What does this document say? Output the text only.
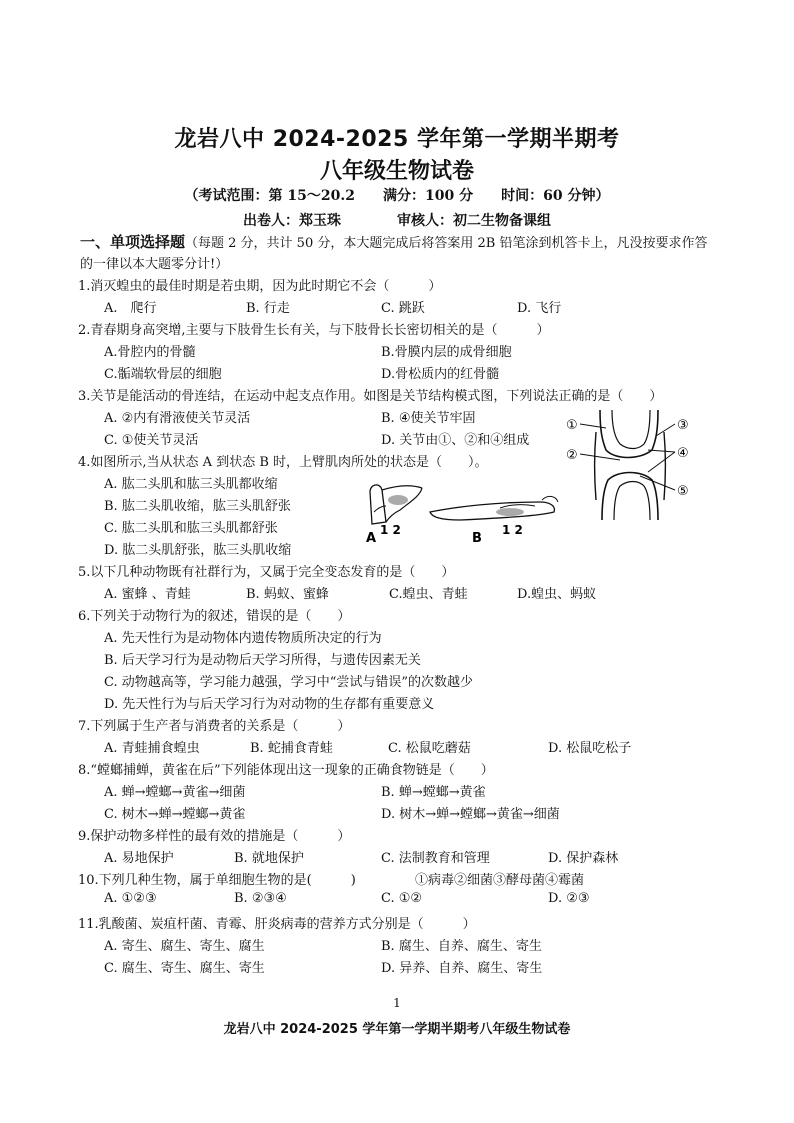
龙岩八中 2024-2025 学年第一学期半期考
八年级生物试卷
（考试范围：第 15～20.2　　满分：100 分　　时间：60 分钟）
出卷人：郑玉珠	审核人：初二生物备课组
一、单项选择题（每题 2 分，共计 50 分，本大题完成后将答案用 2B 铅笔涂到机答卡上，凡没按要求作答的一律以本大题零分计!）
1.消灭蝗虫的最佳时期是若虫期，因为此时期它不会（　　　）
A.　爬行	B. 行走	C. 跳跃	D. 飞行
2.青春期身高突增,主要与下肢骨生长有关，与下肢骨长长密切相关的是（　　　）
A.骨腔内的骨髓	B.骨膜内层的成骨细胞
C.骺端软骨层的细胞	D.骨松质内的红骨髓
3.关节是能活动的骨连结，在运动中起支点作用。如图是关节结构模式图，下列说法正确的是（　　）
A. ②内有滑液使关节灵活	B. ④使关节牢固
C. ①使关节灵活	D. 关节由①、②和④组成
4.如图所示,当从状态 A 到状态 B 时，上臂肌肉所处的状态是（　　）。
A. 肱二头肌和肱三头肌都收缩
B. 肱二头肌收缩，肱三头肌舒张
C. 肱二头肌和肱三头肌都舒张
D. 肱二头肌舒张，肱三头肌收缩
5.以下几种动物既有社群行为，又属于完全变态发育的是（　　）
A. 蜜蜂 、青蛙	B. 蚂蚁、蜜蜂	C.蝗虫、青蛙	D.蝗虫、蚂蚁
6.下列关于动物行为的叙述，错误的是（　　）
A. 先天性行为是动物体内遗传物质所决定的行为
B. 后天学习行为是动物后天学习所得，与遗传因素无关
C. 动物越高等，学习能力越强，学习中“尝试与错误”的次数越少
D. 先天性行为与后天学习行为对动物的生存都有重要意义
7.下列属于生产者与消费者的关系是（　　　）
A. 青蛙捕食蝗虫	B. 蛇捕食青蛙	C. 松鼠吃蘑菇	D. 松鼠吃松子
8.“螳螂捕蝉，黄雀在后”下列能体现出这一现象的正确食物链是（　　）
A. 蝉→螳螂→黄雀→细菌	B. 蝉→螳螂→黄雀
C. 树木→蝉→螳螂→黄雀	D. 树木→蝉→螳螂→黄雀→细菌
9.保护动物多样性的最有效的措施是（　　　）
A. 易地保护	B. 就地保护	C. 法制教育和管理	D. 保护森林
10.下列几种生物，属于单细胞生物的是(　　　)	①病毒②细菌③酵母菌④霉菌
A. ①②③	B. ②③④	C. ①②	D. ②③
11.乳酸菌、炭疽杆菌、青霉、肝炎病毒的营养方式分别是（　　　）
A. 寄生、腐生、寄生、腐生	B. 腐生、自养、腐生、寄生
C. 腐生、寄生、腐生、寄生	D. 异养、自养、腐生、寄生
①
②
③
④
⑤
A
1 2
B
1 2
1
龙岩八中 2024-2025 学年第一学期半期考八年级生物试卷
